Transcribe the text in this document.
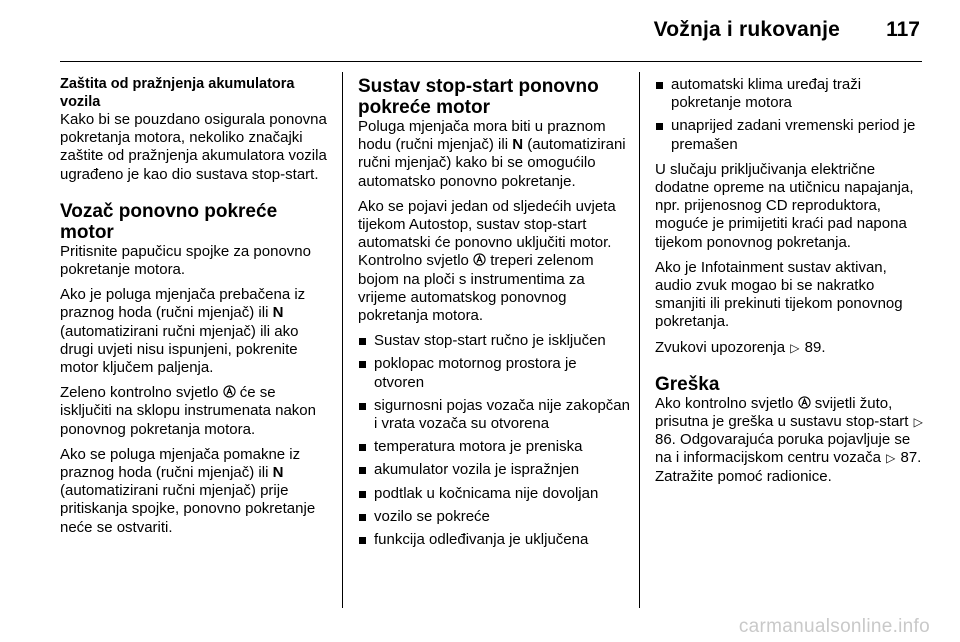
Vožnja i rukovanje 117
Zaštita od pražnjenja akumulatora vozila

Kako bi se pouzdano osigurala ponovna pokretanja motora, nekoliko značajki zaštite od pražnjenja akumulatora vozila ugrađeno je kao dio sustava stop-start.

Vozač ponovno pokreće motor

Pritisnite papučicu spojke za ponovno pokretanje motora.

Ako je poluga mjenjača prebačena iz praznog hoda (ručni mjenjač) ili N (automatizirani ručni mjenjač) ili ako drugi uvjeti nisu ispunjeni, pokrenite motor ključem paljenja.

Zeleno kontrolno svjetlo  će se isključiti na sklopu instrumenata nakon ponovnog pokretanja motora.

Ako se poluga mjenjača pomakne iz praznog hoda (ručni mjenjač) ili N (automatizirani ručni mjenjač) prije pritiskanja spojke, ponovno pokretanje neće se ostvariti.

Sustav stop-start ponovno pokreće motor

Poluga mjenjača mora biti u praznom hodu (ručni mjenjač) ili N (automatizirani ručni mjenjač) kako bi se omogućilo automatsko ponovno pokretanje.

Ako se pojavi jedan od sljedećih uvjeta tijekom Autostop, sustav stop-start automatski će ponovno uključiti motor. Kontrolno svjetlo  treperi zelenom bojom na ploči s instrumentima za vrijeme automatskog ponovnog pokretanja motora.

Sustav stop-start ručno je isključen
poklopac motornog prostora je otvoren
sigurnosni pojas vozača nije zakopčan i vrata vozača su otvorena
temperatura motora je preniska
akumulator vozila je ispražnjen
podtlak u kočnicama nije dovoljan
vozilo se pokreće
funkcija odleđivanja je uključena
automatski klima uređaj traži pokretanje motora
unaprijed zadani vremenski period je premašen

U slučaju priključivanja električne dodatne opreme na utičnicu napajanja, npr. prijenosnog CD reproduktora, moguće je primijetiti kraći pad napona tijekom ponovnog pokretanja.

Ako je Infotainment sustav aktivan, audio zvuk mogao bi se nakratko smanjiti ili prekinuti tijekom ponovnog pokretanja.

Zvukovi upozorenja ▷ 89.

Greška

Ako kontrolno svjetlo  svijetli žuto, prisutna je greška u sustavu stop-start ▷ 86. Odgovarajuća poruka pojavljuje se na i informacijskom centru vozača ▷ 87. Zatražite pomoć radionice.

carmanualsonline.info
